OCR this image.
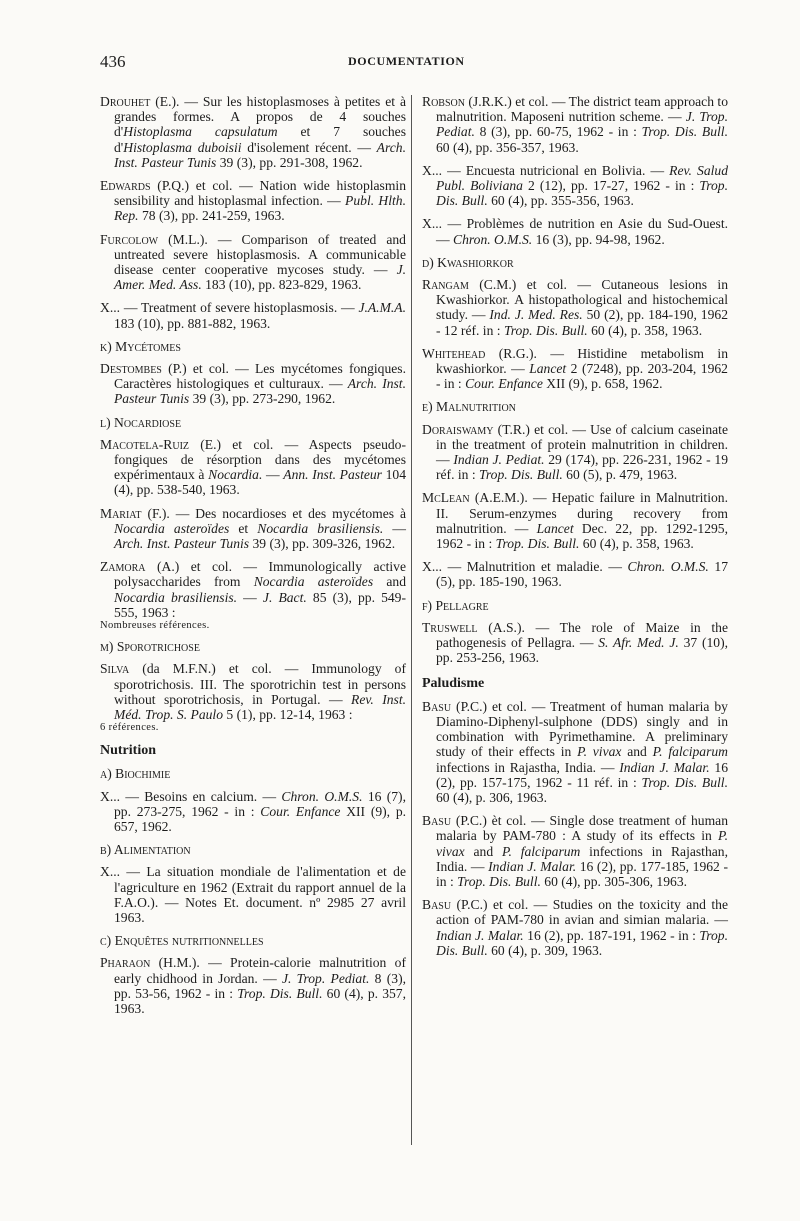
436	DOCUMENTATION

Drouhet (E.). — Sur les histoplasmoses à petites et à grandes formes. A propos de 4 souches d'Histoplasma capsulatum et 7 souches d'Histoplasma duboisii d'isolement récent. — Arch. Inst. Pasteur Tunis 39 (3), pp. 291-308, 1962.

Edwards (P.Q.) et col. — Nation wide histoplasmin sensibility and histoplasmal infection. — Publ. Hlth. Rep. 78 (3), pp. 241-259, 1963.

Furcolow (M.L.). — Comparison of treated and untreated severe histoplasmosis. A communicable disease center cooperative mycoses study. — J. Amer. Med. Ass. 183 (10), pp. 823-829, 1963.

X... — Treatment of severe histoplasmosis. — J.A.M.A. 183 (10), pp. 881-882, 1963.

k) Mycétomes

Destombes (P.) et col. — Les mycétomes fongiques. Caractères histologiques et culturaux. — Arch. Inst. Pasteur Tunis 39 (3), pp. 273-290, 1962.

l) Nocardiose

Macotela-Ruiz (E.) et col. — Aspects pseudo-fongiques de résorption dans des mycétomes expérimentaux à Nocardia. — Ann. Inst. Pasteur 104 (4), pp. 538-540, 1963.

Mariat (F.). — Des nocardioses et des mycétomes à Nocardia asteroïdes et Nocardia brasiliensis. — Arch. Inst. Pasteur Tunis 39 (3), pp. 309-326, 1962.

Zamora (A.) et col. — Immunologically active polysaccharides from Nocardia asteroïdes and Nocardia brasiliensis. — J. Bact. 85 (3), pp. 549-555, 1963 :
Nombreuses références.

m) Sporotrichose

Silva (da M.F.N.) et col. — Immunology of sporotrichosis. III. The sporotrichin test in persons without sporotrichosis, in Portugal. — Rev. Inst. Méd. Trop. S. Paulo 5 (1), pp. 12-14, 1963 :
6 références.

Nutrition
a) Biochimie

X... — Besoins en calcium. — Chron. O.M.S. 16 (7), pp. 273-275, 1962 - in : Cour. Enfance XII (9), p. 657, 1962.

b) Alimentation

X... — La situation mondiale de l'alimentation et de l'agriculture en 1962 (Extrait du rapport annuel de la F.A.O.). — Notes Et. document. nº 2985 27 avril 1963.

c) Enquêtes nutritionnelles

Pharaon (H.M.). — Protein-calorie malnutrition of early chidhood in Jordan. — J. Trop. Pediat. 8 (3), pp. 53-56, 1962 - in : Trop. Dis. Bull. 60 (4), p. 357, 1963.

Robson (J.R.K.) et col. — The district team approach to malnutrition. Maposeni nutrition scheme. — J. Trop. Pediat. 8 (3), pp. 60-75, 1962 - in : Trop. Dis. Bull. 60 (4), pp. 356-357, 1963.

X... — Encuesta nutricional en Bolivia. — Rev. Salud Publ. Boliviana 2 (12), pp. 17-27, 1962 - in : Trop. Dis. Bull. 60 (4), pp. 355-356, 1963.

X... — Problèmes de nutrition en Asie du Sud-Ouest. — Chron. O.M.S. 16 (3), pp. 94-98, 1962.

d) Kwashiorkor

Rangam (C.M.) et col. — Cutaneous lesions in Kwashiorkor. A histopathological and histochemical study. — Ind. J. Med. Res. 50 (2), pp. 184-190, 1962 - 12 réf. in : Trop. Dis. Bull. 60 (4), p. 358, 1963.

Whitehead (R.G.). — Histidine metabolism in kwashiorkor. — Lancet 2 (7248), pp. 203-204, 1962 - in : Cour. Enfance XII (9), p. 658, 1962.

e) Malnutrition

Doraiswamy (T.R.) et col. — Use of calcium caseinate in the treatment of protein malnutrition in children. — Indian J. Pediat. 29 (174), pp. 226-231, 1962 - 19 réf. in : Trop. Dis. Bull. 60 (5), p. 479, 1963.

McLean (A.E.M.). — Hepatic failure in Malnutrition. II. Serum-enzymes during recovery from malnutrition. — Lancet Dec. 22, pp. 1292-1295, 1962 - in : Trop. Dis. Bull. 60 (4), p. 358, 1963.

X... — Malnutrition et maladie. — Chron. O.M.S. 17 (5), pp. 185-190, 1963.

f) Pellagre

Truswell (A.S.). — The role of Maize in the pathogenesis of Pellagra. — S. Afr. Med. J. 37 (10), pp. 253-256, 1963.

Paludisme

Basu (P.C.) et col. — Treatment of human malaria by Diamino-Diphenyl-sulphone (DDS) singly and in combination with Pyrimethamine. A preliminary study of their effects in P. vivax and P. falciparum infections in Rajastha, India. — Indian J. Malar. 16 (2), pp. 157-175, 1962 - 11 réf. in : Trop. Dis. Bull. 60 (4), p. 306, 1963.

Basu (P.C.) èt col. — Single dose treatment of human malaria by PAM-780 : A study of its effects in P. vivax and P. falciparum infections in Rajasthan, India. — Indian J. Malar. 16 (2), pp. 177-185, 1962 - in : Trop. Dis. Bull. 60 (4), pp. 305-306, 1963.

Basu (P.C.) et col. — Studies on the toxicity and the action of PAM-780 in avian and simian malaria. — Indian J. Malar. 16 (2), pp. 187-191, 1962 - in : Trop. Dis. Bull. 60 (4), p. 309, 1963.
